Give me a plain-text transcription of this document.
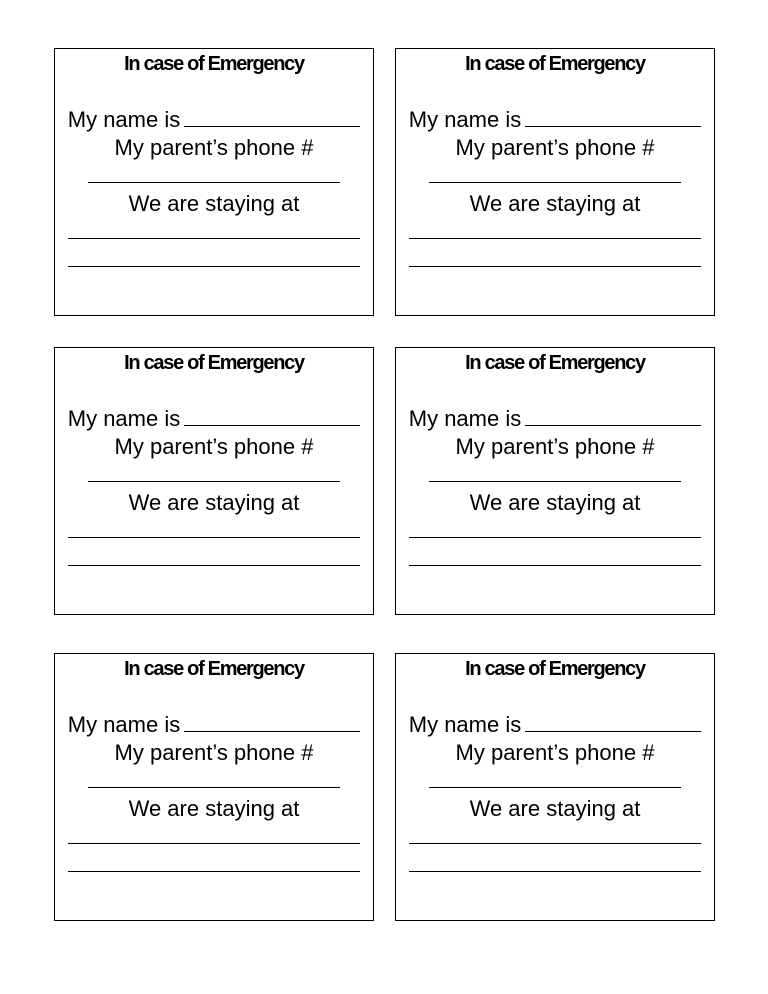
In case of Emergency
My name is
My parent’s phone #
We are staying at
In case of Emergency
My name is
My parent’s phone #
We are staying at
In case of Emergency
My name is
My parent’s phone #
We are staying at
In case of Emergency
My name is
My parent’s phone #
We are staying at
In case of Emergency
My name is
My parent’s phone #
We are staying at
In case of Emergency
My name is
My parent’s phone #
We are staying at
